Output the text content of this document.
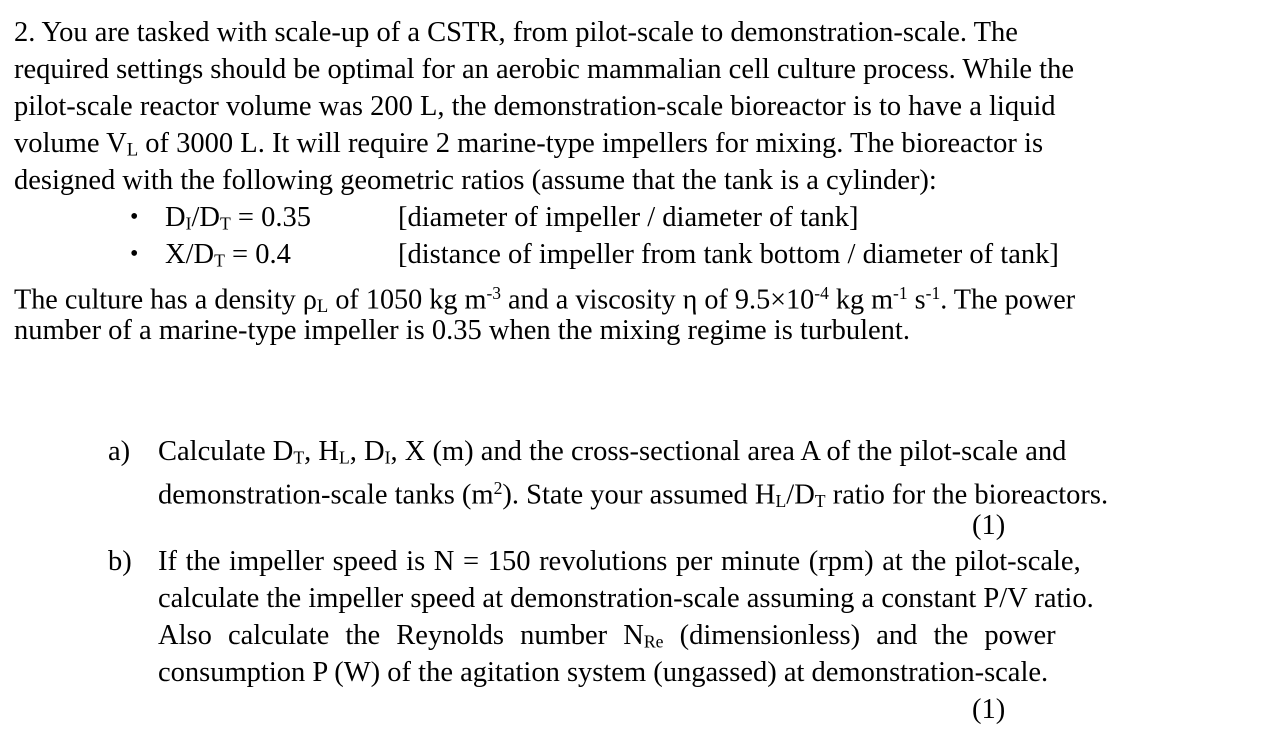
2. You are tasked with scale-up of a CSTR, from pilot-scale to demonstration-scale. The
required settings should be optimal for an aerobic mammalian cell culture process. While the
pilot-scale reactor volume was 200 L, the demonstration-scale bioreactor is to have a liquid
volume VL of 3000 L. It will require 2 marine-type impellers for mixing. The bioreactor is
designed with the following geometric ratios (assume that the tank is a cylinder):
• DI/DT = 0.35	[diameter of impeller / diameter of tank]
• X/DT = 0.4	[distance of impeller from tank bottom / diameter of tank]
The culture has a density ρL of 1050 kg $m^{-3}$ and a viscosity η of $9.5\times 10^{-4}$ kg $m^{-1}$ $s^{-1}$. The power
number of a marine-type impeller is 0.35 when the mixing regime is turbulent.
a) Calculate DT, HL, DI, X (m) and the cross-sectional area A of the pilot-scale and
demonstration-scale tanks $(m^2)$. State your assumed HL/DT ratio for the bioreactors.
(1)
b) If the impeller speed is N = 150 revolutions per minute (rpm) at the pilot-scale,
calculate the impeller speed at demonstration-scale assuming a constant P/V ratio.
Also calculate the Reynolds number NRe (dimensionless) and the power
consumption P (W) of the agitation system (ungassed) at demonstration-scale.
(1)
